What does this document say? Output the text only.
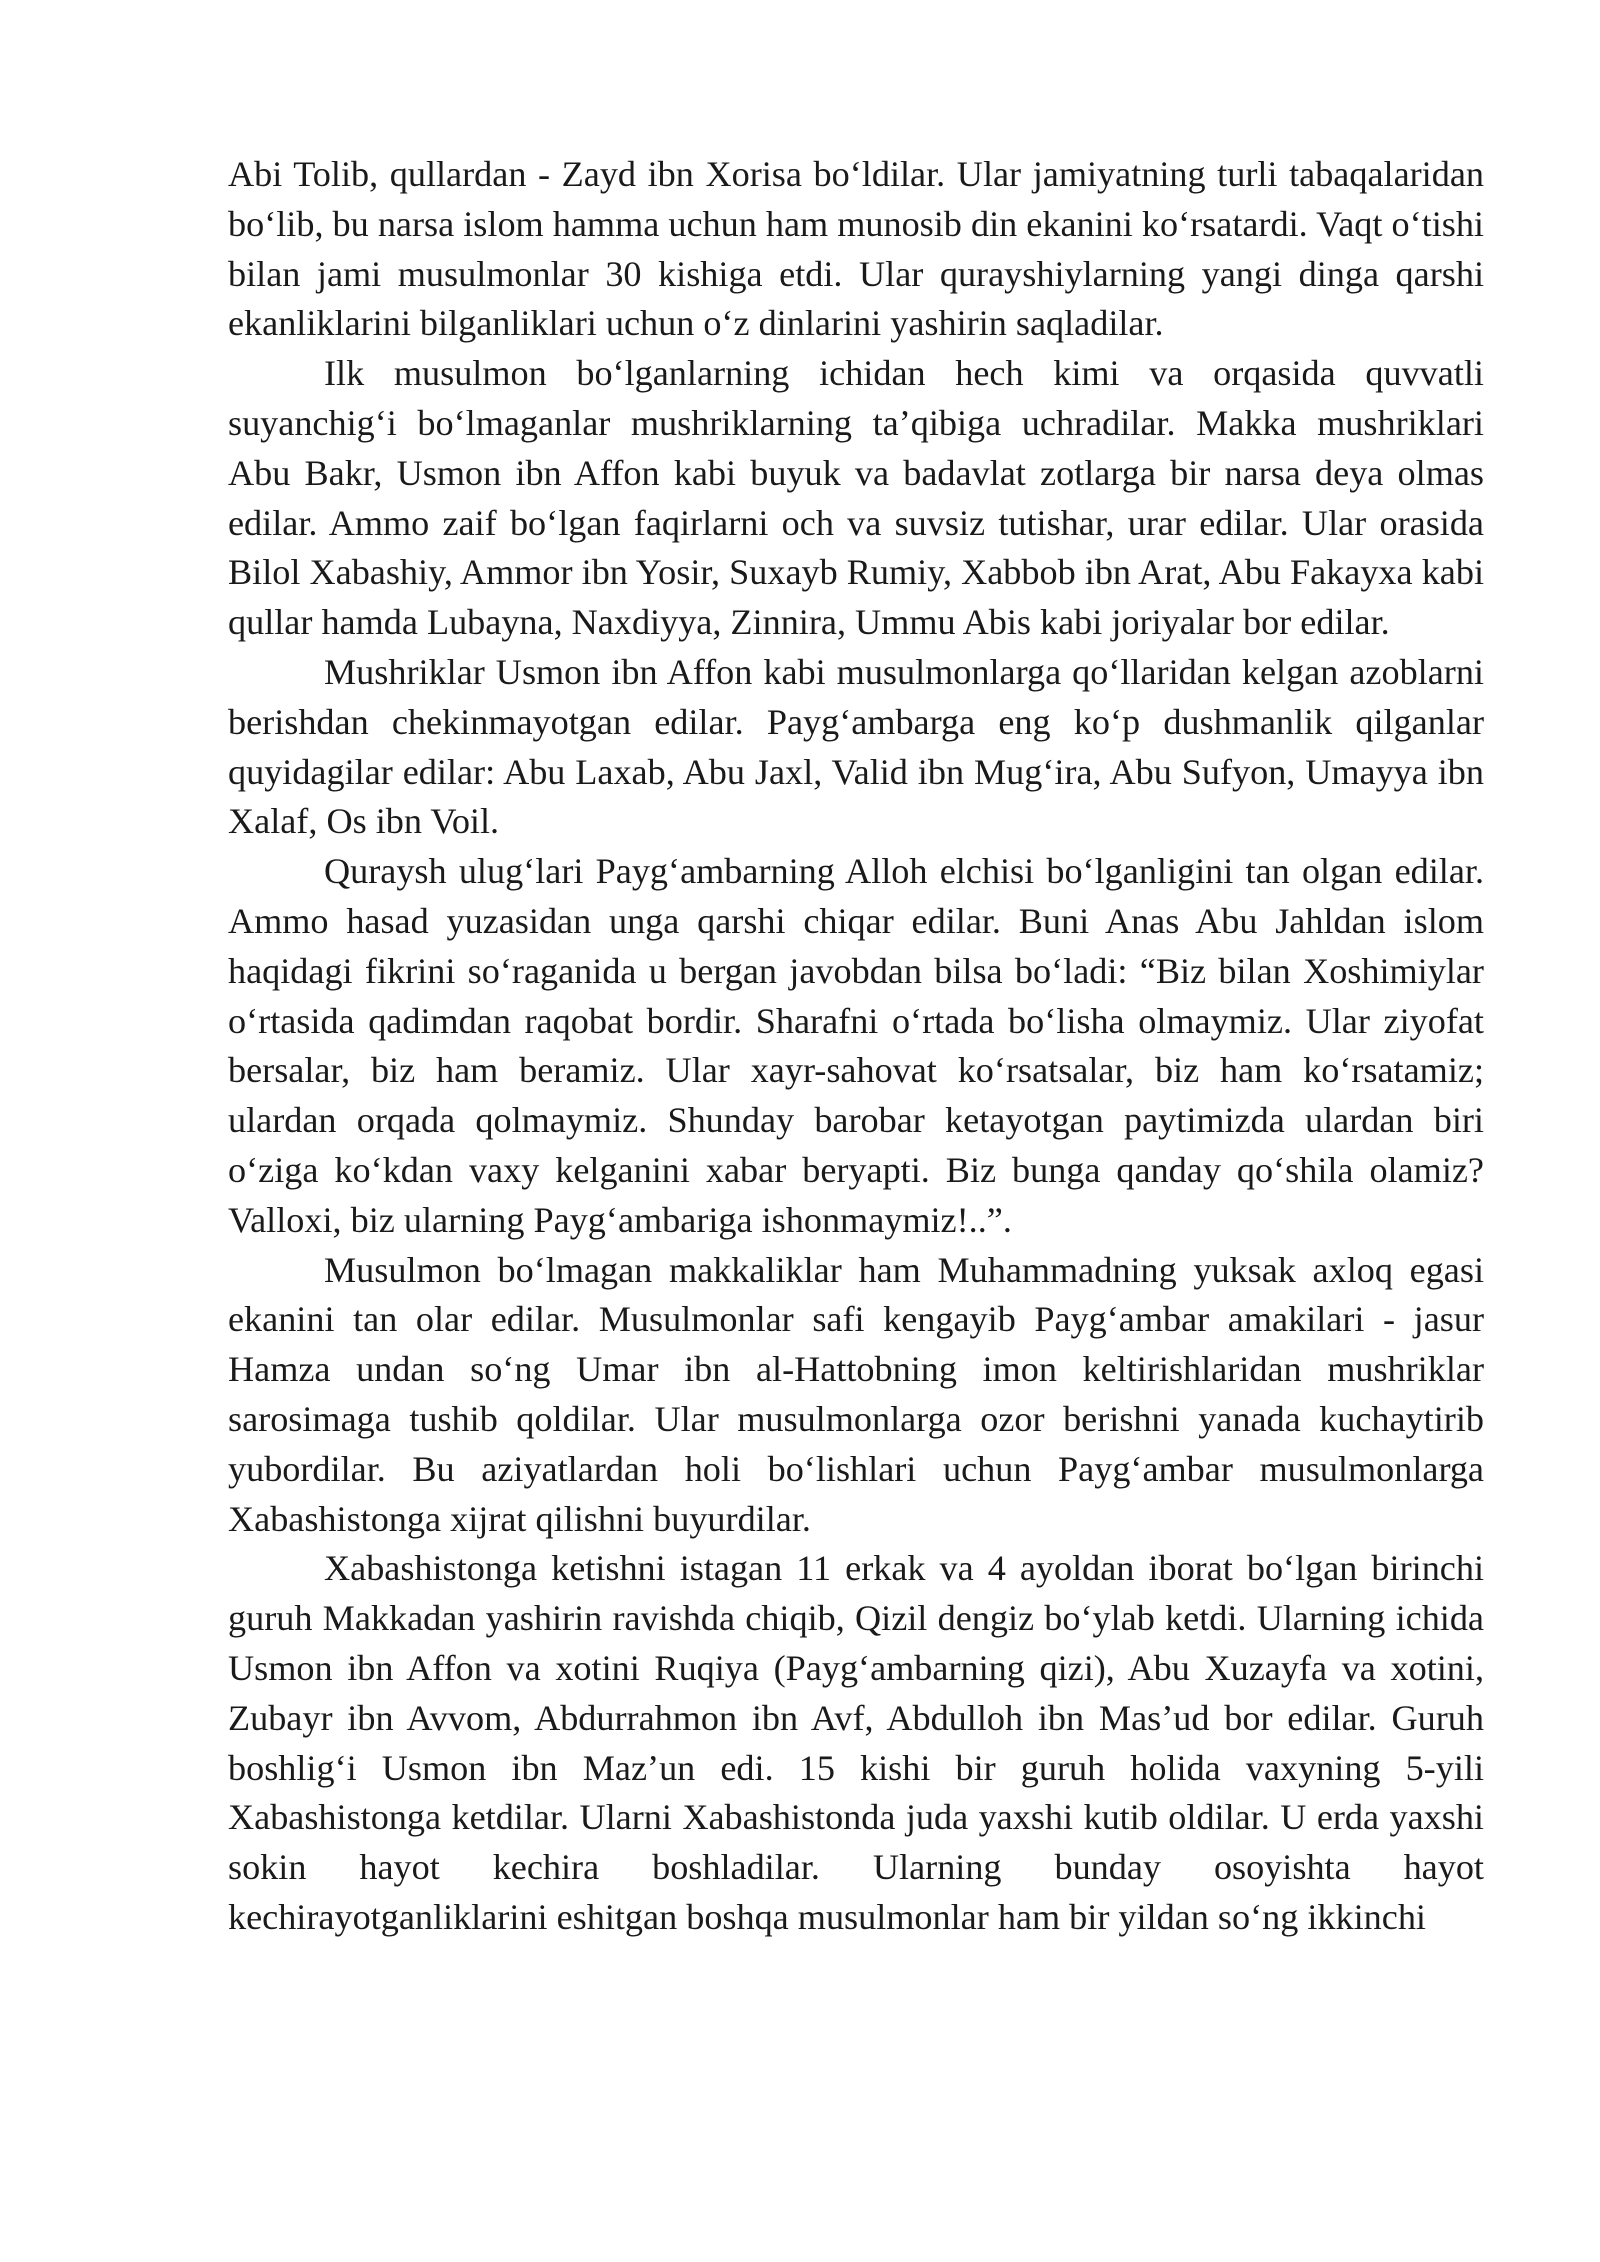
Abi Tolib, qullardan - Zayd ibn Xorisa boʻldilar. Ular jamiyatning turli tabaqalaridan boʻlib, bu narsa islom hamma uchun ham munosib din ekanini koʻrsatardi. Vaqt oʻtishi bilan jami musulmonlar 30 kishiga etdi. Ular qurayshiylarning yangi dinga qarshi ekanliklarini bilganliklari uchun oʻz dinlarini yashirin saqladilar.

Ilk musulmon boʻlganlarning ichidan hech kimi va orqasida quvvatli suyanchigʻi boʻlmaganlar mushriklarning taʼqibiga uchradilar. Makka mushriklari Abu Bakr, Usmon ibn Affon kabi buyuk va badavlat zotlarga bir narsa deya olmas edilar. Ammo zaif boʻlgan faqirlarni och va suvsiz tutishar, urar edilar. Ular orasida Bilol Xabashiy, Ammor ibn Yosir, Suxayb Rumiy, Xabbob ibn Arat, Abu Fakayxa kabi qullar hamda Lubayna, Naxdiyya, Zinnira, Ummu Abis kabi joriyalar bor edilar.

Mushriklar Usmon ibn Affon kabi musulmonlarga qoʻllaridan kelgan azoblarni berishdan chekinmayotgan edilar. Paygʻambarga eng koʻp dushmanlik qilganlar quyidagilar edilar: Abu Laxab, Abu Jaxl, Valid ibn Mugʻira, Abu Sufyon, Umayya ibn Xalaf, Os ibn Voil.

Quraysh ulugʻlari Paygʻambarning Alloh elchisi boʻlganligini tan olgan edilar. Ammo hasad yuzasidan unga qarshi chiqar edilar. Buni Anas Abu Jahldan islom haqidagi fikrini soʻraganida u bergan javobdan bilsa boʻladi: “Biz bilan Xoshimiylar oʻrtasida qadimdan raqobat bordir. Sharafni oʻrtada boʻlisha olmaymiz. Ular ziyofat bersalar, biz ham beramiz. Ular xayr-sahovat koʻrsatsalar, biz ham koʻrsatamiz; ulardan orqada qolmaymiz. Shunday barobar ketayotgan paytimizda ulardan biri oʻziga koʻkdan vaxy kelganini xabar beryapti. Biz bunga qanday qoʻshila olamiz? Valloxi, biz ularning Paygʻambariga ishonmaymiz!..”.

Musulmon boʻlmagan makkaliklar ham Muhammadning yuksak axloq egasi ekanini tan olar edilar. Musulmonlar safi kengayib Paygʻambar amakilari - jasur Hamza undan soʻng Umar ibn al-Hattobning imon keltirishlaridan mushriklar sarosimaga tushib qoldilar. Ular musulmonlarga ozor berishni yanada kuchaytirib yubordilar. Bu aziyatlardan holi boʻlishlari uchun Paygʻambar musulmonlarga Xabashistonga xijrat qilishni buyurdilar.

Xabashistonga ketishni istagan 11 erkak va 4 ayoldan iborat boʻlgan birinchi guruh Makkadan yashirin ravishda chiqib, Qizil dengiz boʻylab ketdi. Ularning ichida Usmon ibn Affon va xotini Ruqiya (Paygʻambarning qizi), Abu Xuzayfa va xotini, Zubayr ibn Avvom, Abdurrahmon ibn Avf, Abdulloh ibn Masʼud bor edilar. Guruh boshligʻi Usmon ibn Mazʼun edi. 15 kishi bir guruh holida vaxyning 5-yili Xabashistonga ketdilar. Ularni Xabashistonda juda yaxshi kutib oldilar. U erda yaxshi sokin hayot kechira boshladilar. Ularning bunday osoyishta hayot kechirayotganliklarini eshitgan boshqa musulmonlar ham bir yildan soʻng ikkinchi
